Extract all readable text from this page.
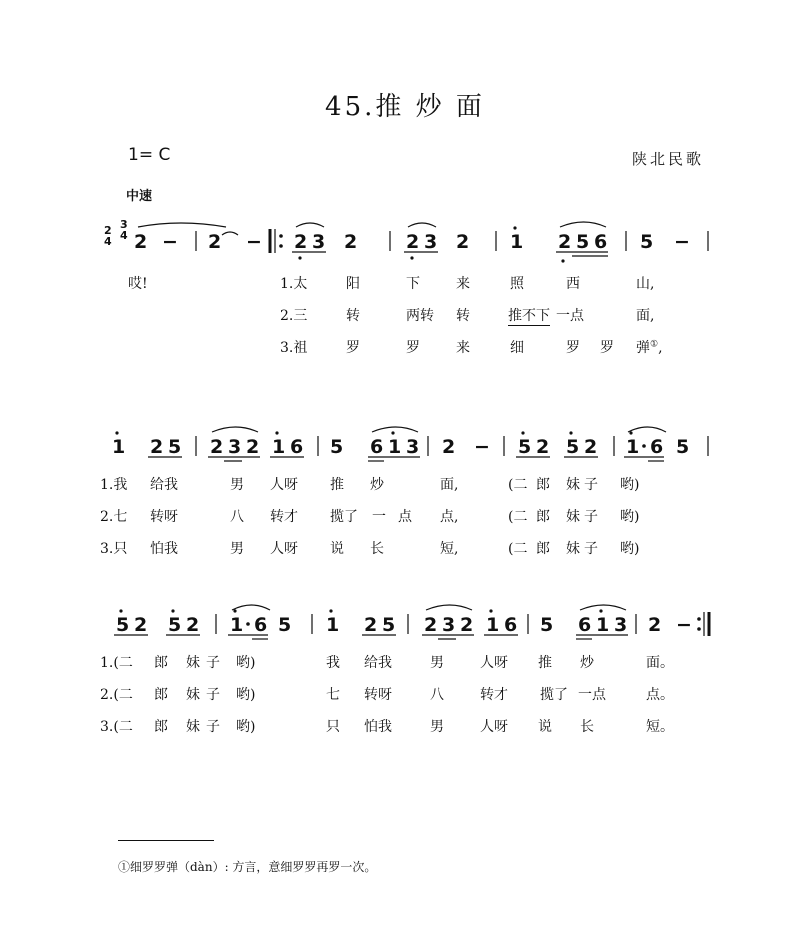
45.推 炒 面
1= C	陕北民歌
中速
2
4
3
4 2 − 2 − 2 3 2	2 3 2 1 2 5 6 5 −
哎!	1.太	阳	下	来	照	西	山,
2.三	转	两转 转	推不下 一点	面,
3.祖	罗	罗	来	细	罗 罗 弹①,
1 2 5 2 3 2 1 6 5 6 1 3 2 − 5 2 5 2 1 6 5
1.我 给我	男 人呀 推 炒	面,	(二 郎 妹 子 哟)
2.七 转呀	八 转才 揽了 一 点 点,	(二 郎 妹 子 哟)
3.只 怕我	男 人呀 说 长	短,	(二 郎 妹 子 哟)
5 2 5 2 1 6 5 1 2 5 2 3 2 1 6 5 6 1 3 2 −
1.(二 郎 妹 子 哟)	我 给我	男	人呀 推 炒	面。
2.(二 郎 妹 子 哟)	七 转呀	八	转才 揽了 一点	点。
3.(二 郎 妹 子 哟)	只 怕我	男	人呀 说 长	短。
①细罗罗弹（dàn）: 方言，意细罗罗再罗一次。
